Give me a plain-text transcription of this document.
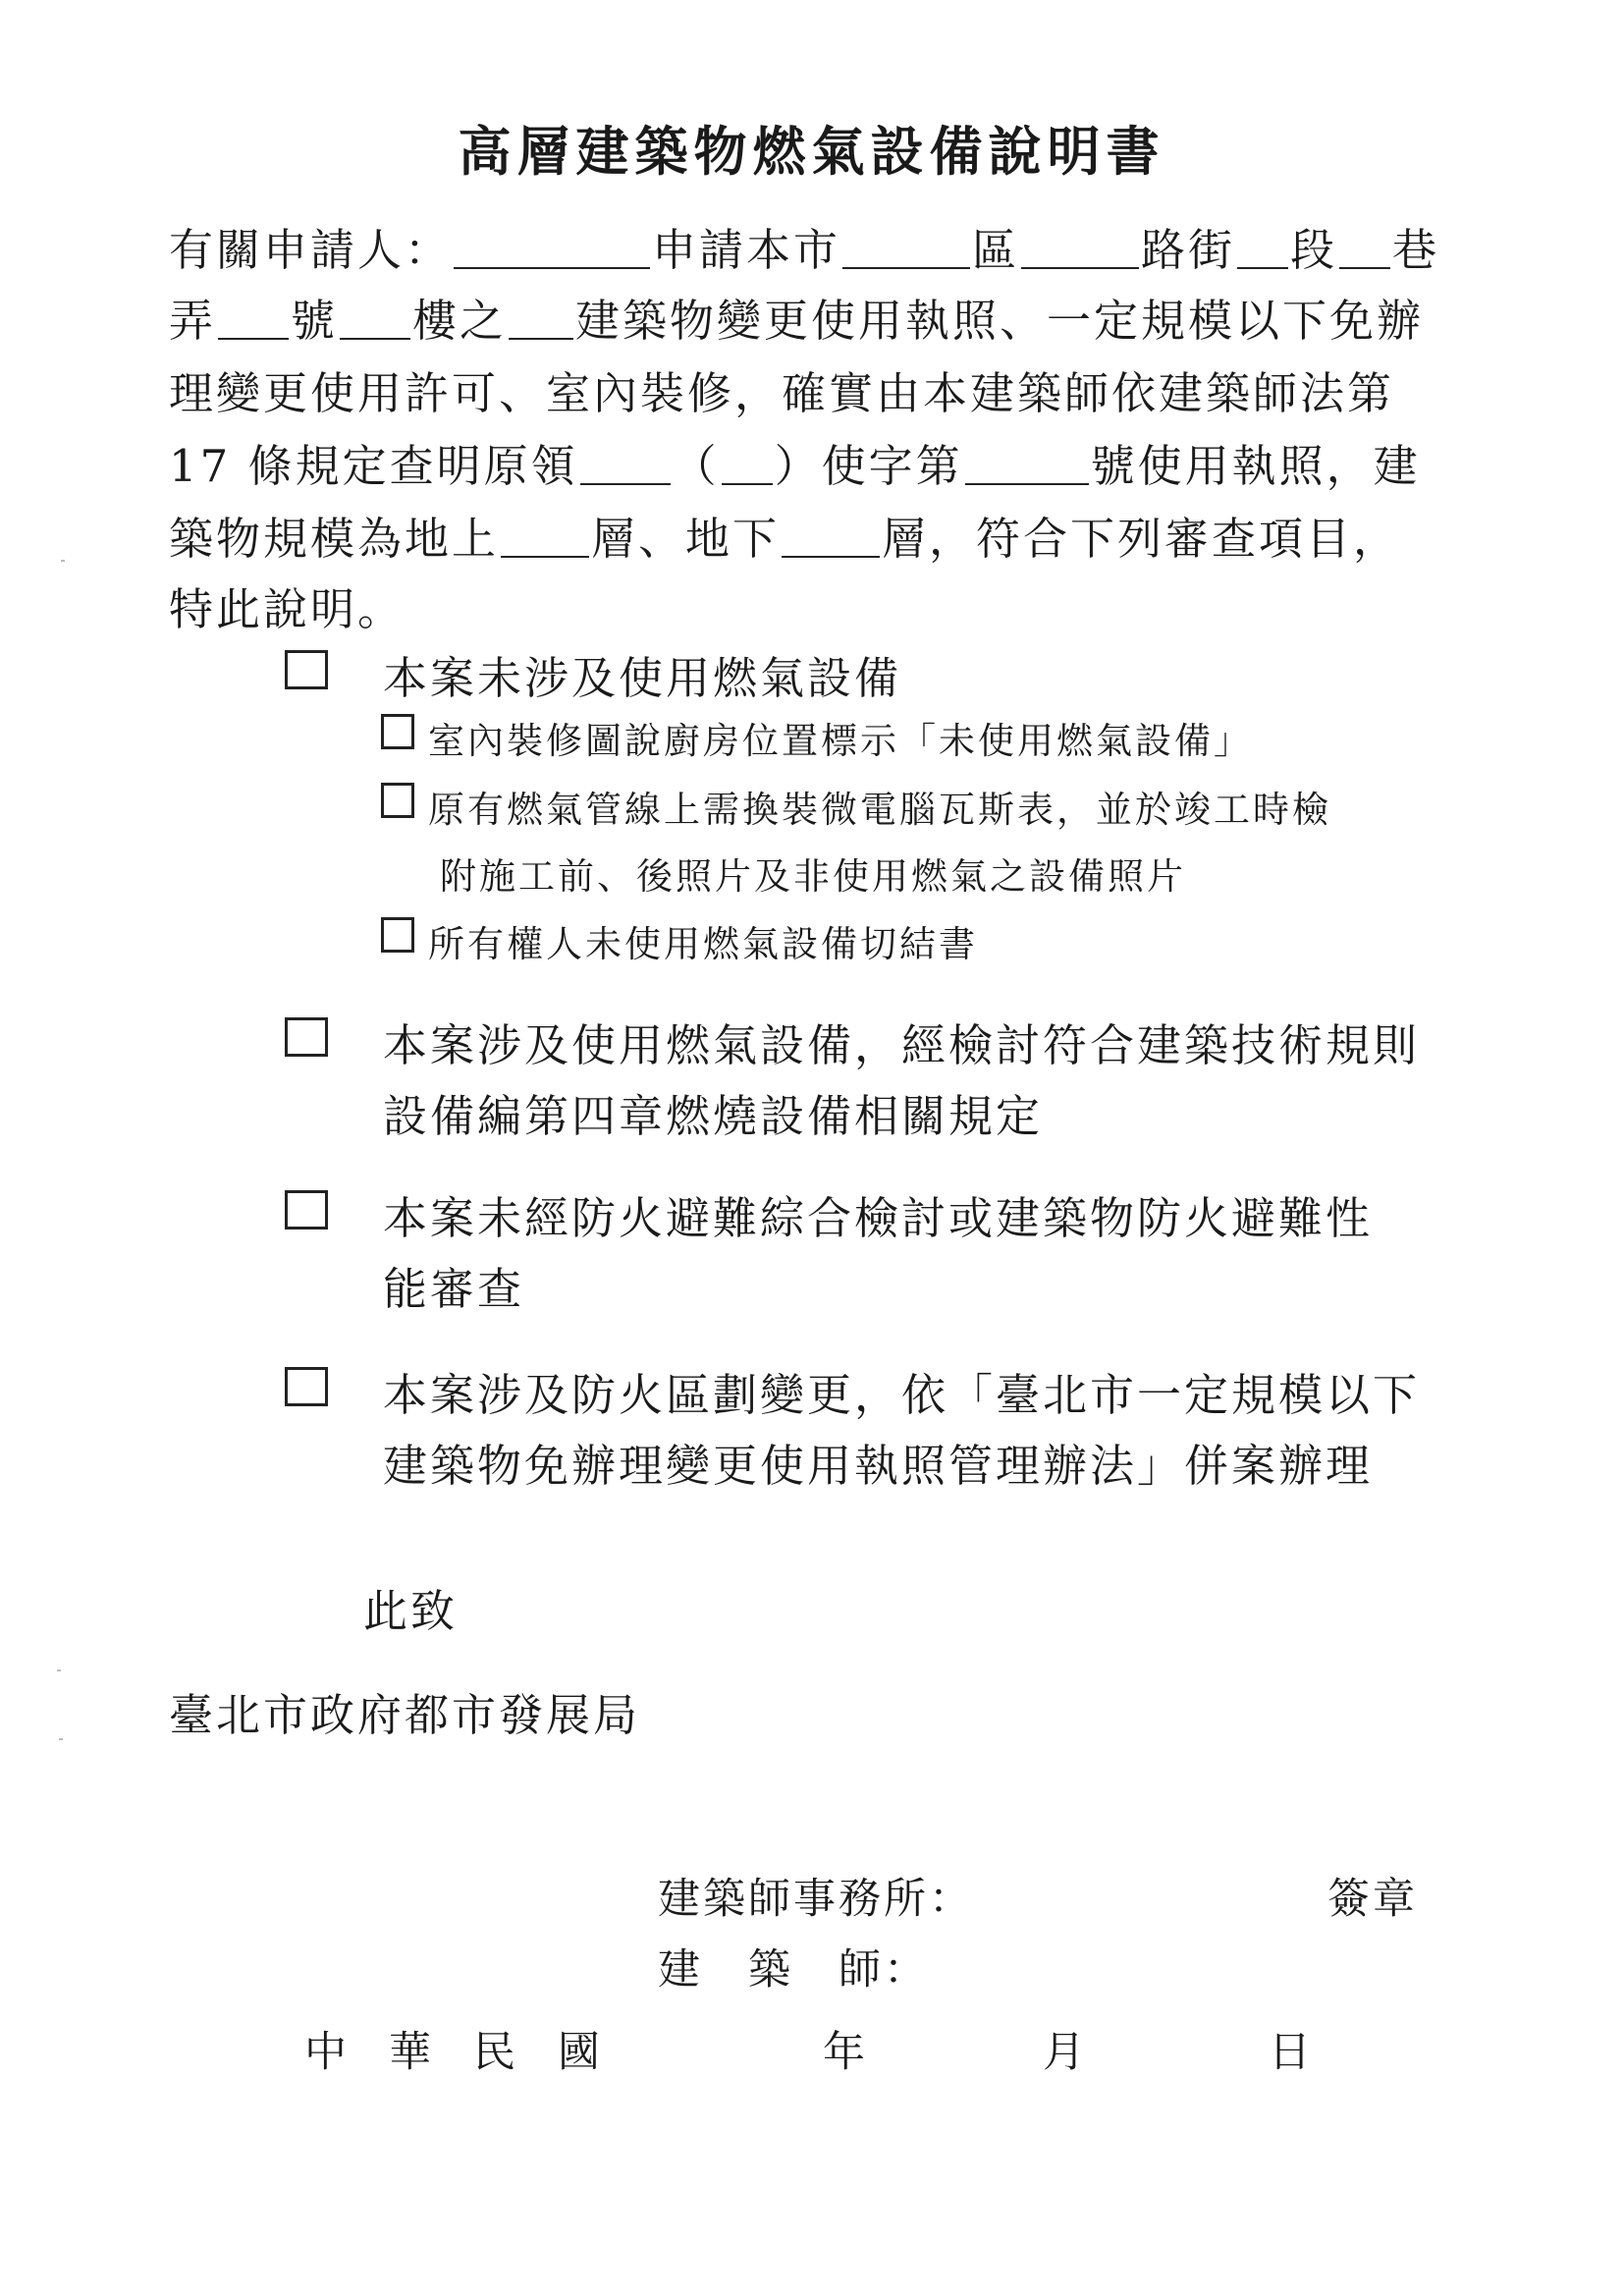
高層建築物燃氣設備說明書
有關申請人：	申請本市	區	路街 段 巷
弄 號 樓之 建築物變更使用執照、一定規模以下免辦
理變更使用許可、室內裝修，確實由本建築師依建築師法第
17 條規定查明原領 （ ）使字第	號使用執照，建
築物規模為地上 層、地下 層，符合下列審查項目，
特此說明。
本案未涉及使用燃氣設備
室內裝修圖說廚房位置標示「未使用燃氣設備」
原有燃氣管線上需換裝微電腦瓦斯表，並於竣工時檢
附施工前、後照片及非使用燃氣之設備照片
所有權人未使用燃氣設備切結書
本案涉及使用燃氣設備，經檢討符合建築技術規則
設備編第四章燃燒設備相關規定
本案未經防火避難綜合檢討或建築物防火避難性
能審查
本案涉及防火區劃變更，依「臺北市一定規模以下
建築物免辦理變更使用執照管理辦法」併案辦理
此致
臺北市政府都市發展局
建築師事務所：	簽章
建　築　師：
中　華　民　國	年	月	日
